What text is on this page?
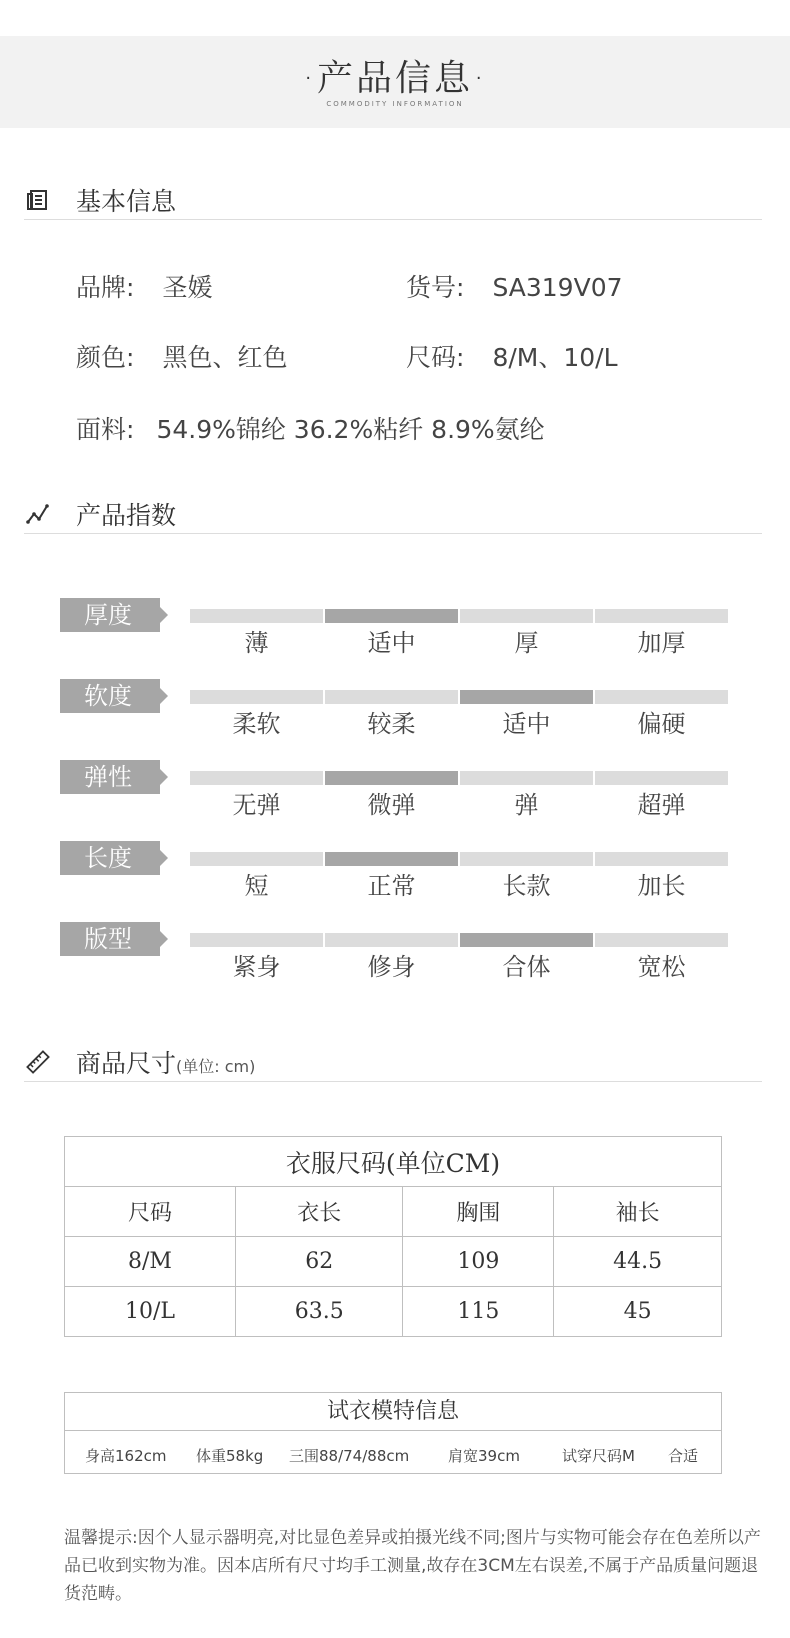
·产品信息·
COMMODITY INFORMATION
基本信息
品牌: 圣媛	货号: SA319V07
颜色: 黑色、红色	尺码: 8/M、10/L
面料: 54.9%锦纶 36.2%粘纤 8.9%氨纶
产品指数
厚度
薄	适中	厚	加厚
软度
柔软	较柔	适中	偏硬
弹性
无弹	微弹	弹	超弹
长度
短	正常	长款	加长
版型
紧身	修身	合体	宽松
商品尺寸(单位: cm)
衣服尺码(单位CM)			
尺码	衣长	胸围	袖长
8/M	62	109	44.5
10/L	63.5	115	45
试衣模特信息
身高162cm 体重58kg 三围88/74/88cm	肩宽39cm	试穿尺码M 合适
温馨提示:因个人显示器明亮,对比显色差异或拍摄光线不同;图片与实物可能会存在色差所以产品已收到实物为准。因本店所有尺寸均手工测量,故存在3CM左右误差,不属于产品质量问题退货范畴。
